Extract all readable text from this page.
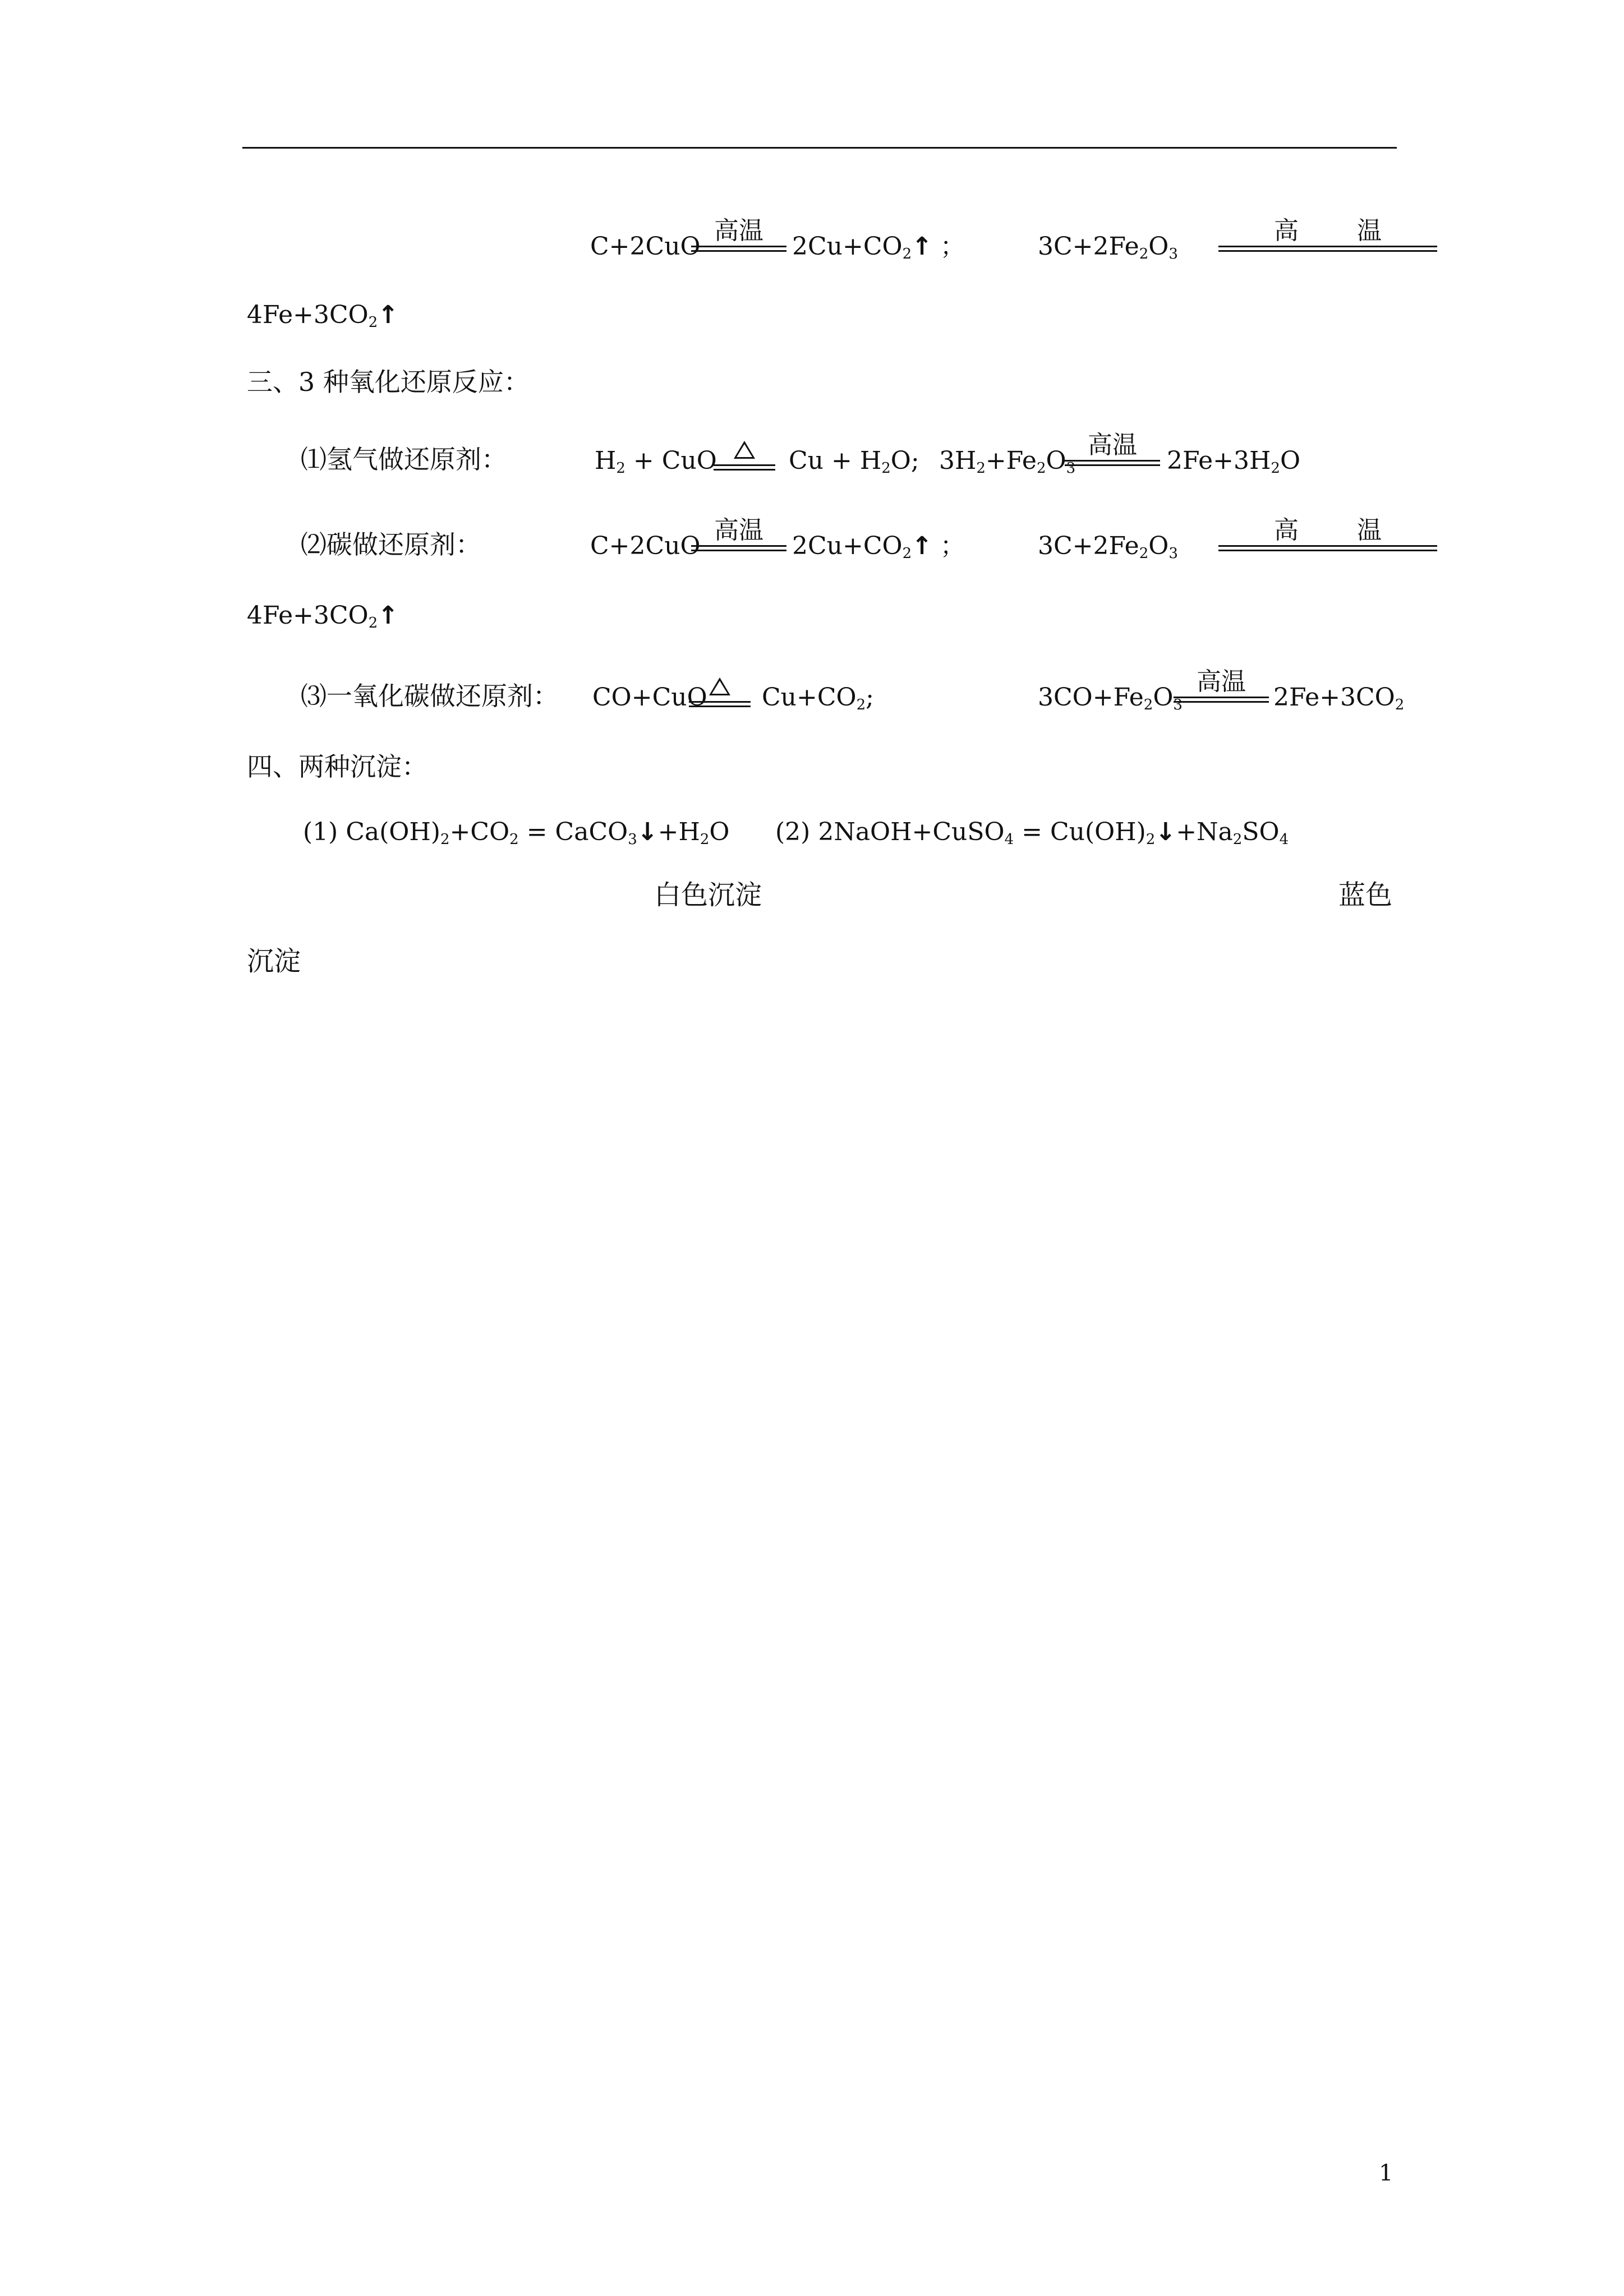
C+2CuO
高温
$2Cu+CO_2↑$ ；	$3C+2Fe_2O_3$
高 温
$4Fe+3CO_2↑$
三、3 种氧化还原反应：
⑴氢气做还原剂：	$H_2$ + CuO	$Cu + H_2O$; $3H_2+Fe_2O_3$
高温
$2Fe+3H_2O$
⑵碳做还原剂：	C+2CuO
高温
$2Cu+CO_2↑$ ；	$3C+2Fe_2O_3$
高 温
$4Fe+3CO_2↑$
⑶一氧化碳做还原剂： CO+CuO $Cu+CO_2$;	$3CO+Fe_2O_3$
高温
$2Fe+3CO_2$
四、两种沉淀：
(1) $Ca(OH)_2+CO_2$ = $CaCO_3↓+H_2O$ (2) 2NaOH+CuSO$_4$ = $Cu(OH)_2↓+Na_2SO_4$
白色沉淀	蓝色
沉淀
1
